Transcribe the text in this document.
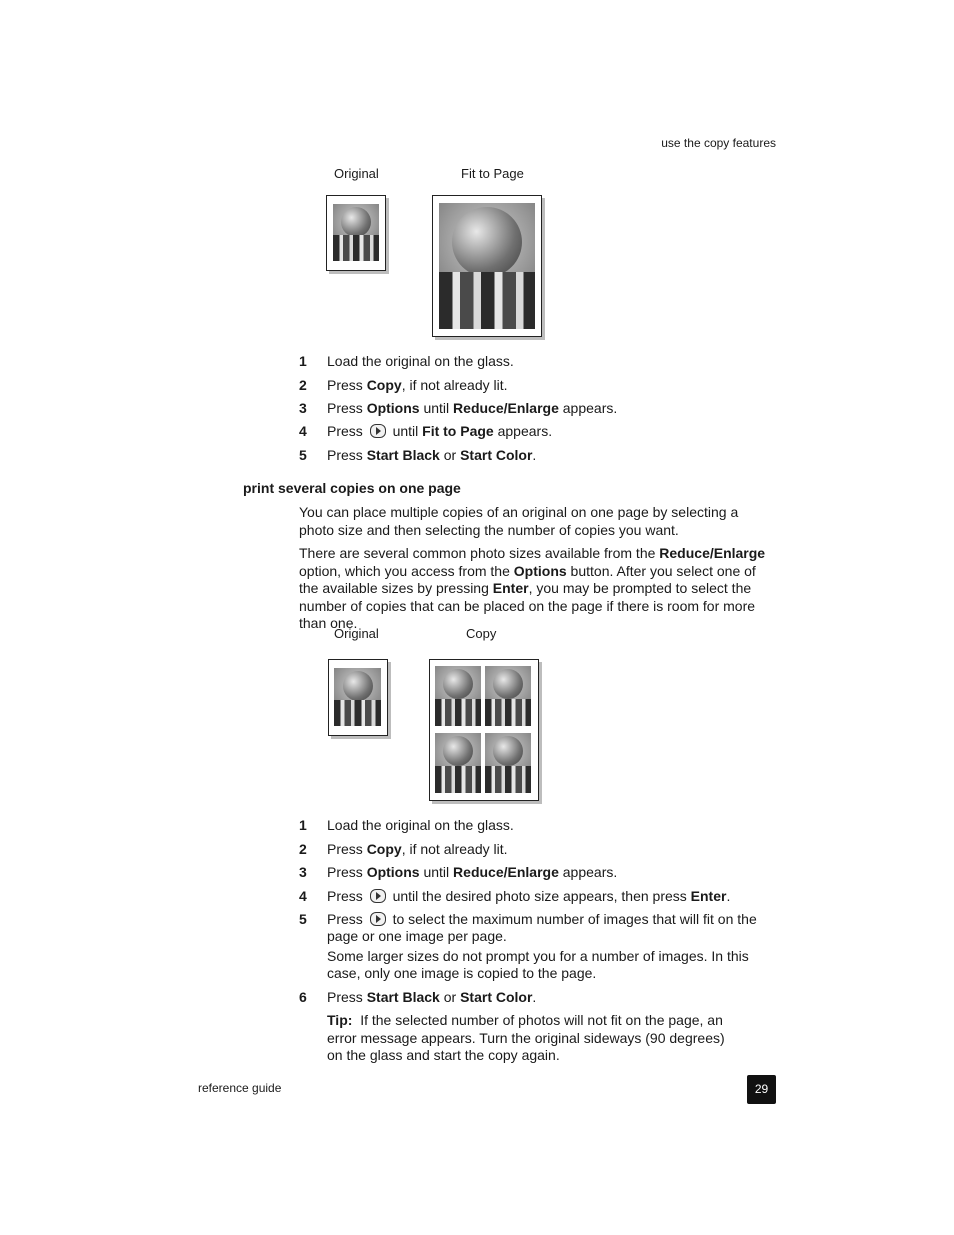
use the copy features
Original	Fit to Page
1 Load the original on the glass.
2 Press Copy, if not already lit.
3 Press Options until Reduce/Enlarge appears.
4 Press  until Fit to Page appears.
5 Press Start Black or Start Color.
print several copies on one page
You can place multiple copies of an original on one page by selecting a photo size and then selecting the number of copies you want.
There are several common photo sizes available from the Reduce/Enlarge option, which you access from the Options button. After you select one of the available sizes by pressing Enter, you may be prompted to select the number of copies that can be placed on the page if there is room for more than one.
Original	Copy
1 Load the original on the glass.
2 Press Copy, if not already lit.
3 Press Options until Reduce/Enlarge appears.
4 Press  until the desired photo size appears, then press Enter.
5 Press  to select the maximum number of images that will fit on the page or one image per page.
Some larger sizes do not prompt you for a number of images. In this case, only one image is copied to the page.
6 Press Start Black or Start Color.
Tip: If the selected number of photos will not fit on the page, an error message appears. Turn the original sideways (90 degrees) on the glass and start the copy again.
reference guide	29
